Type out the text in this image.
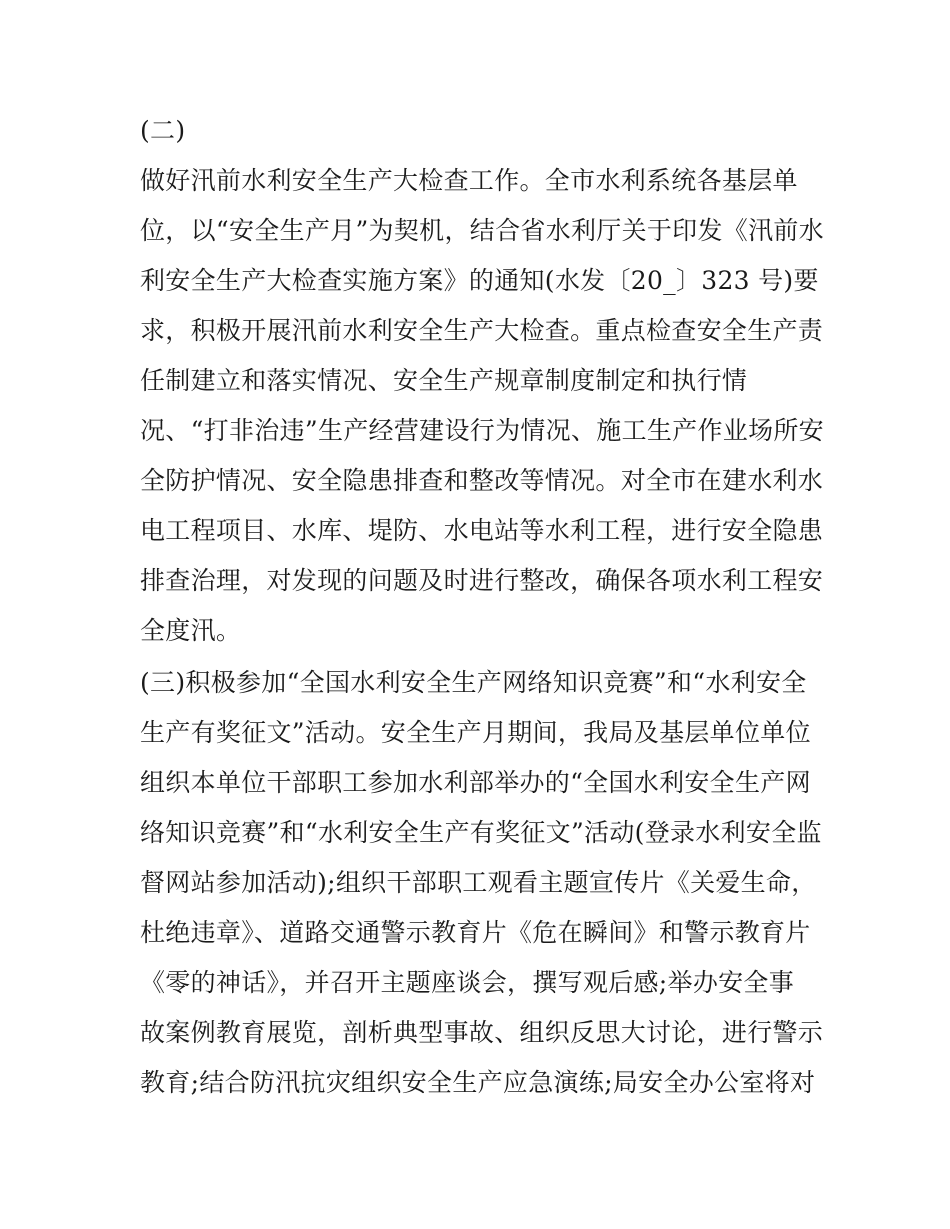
(二)
做好汛前水利安全生产大检查工作。全市水利系统各基层单
位，以“安全生产月”为契机，结合省水利厅关于印发《汛前水
利安全生产大检查实施方案》的通知(水发〔20_〕323 号)要
求，积极开展汛前水利安全生产大检查。重点检查安全生产责
任制建立和落实情况、安全生产规章制度制定和执行情
况、“打非治违”生产经营建设行为情况、施工生产作业场所安
全防护情况、安全隐患排查和整改等情况。对全市在建水利水
电工程项目、水库、堤防、水电站等水利工程，进行安全隐患
排查治理，对发现的问题及时进行整改，确保各项水利工程安
全度汛。
(三)积极参加“全国水利安全生产网络知识竞赛”和“水利安全
生产有奖征文”活动。安全生产月期间，我局及基层单位单位
组织本单位干部职工参加水利部举办的“全国水利安全生产网
络知识竞赛”和“水利安全生产有奖征文”活动(登录水利安全监
督网站参加活动);组织干部职工观看主题宣传片《关爱生命，
杜绝违章》、道路交通警示教育片《危在瞬间》和警示教育片
《零的神话》，并召开主题座谈会，撰写观后感;举办安全事
故案例教育展览，剖析典型事故、组织反思大讨论，进行警示
教育;结合防汛抗灾组织安全生产应急演练;局安全办公室将对
